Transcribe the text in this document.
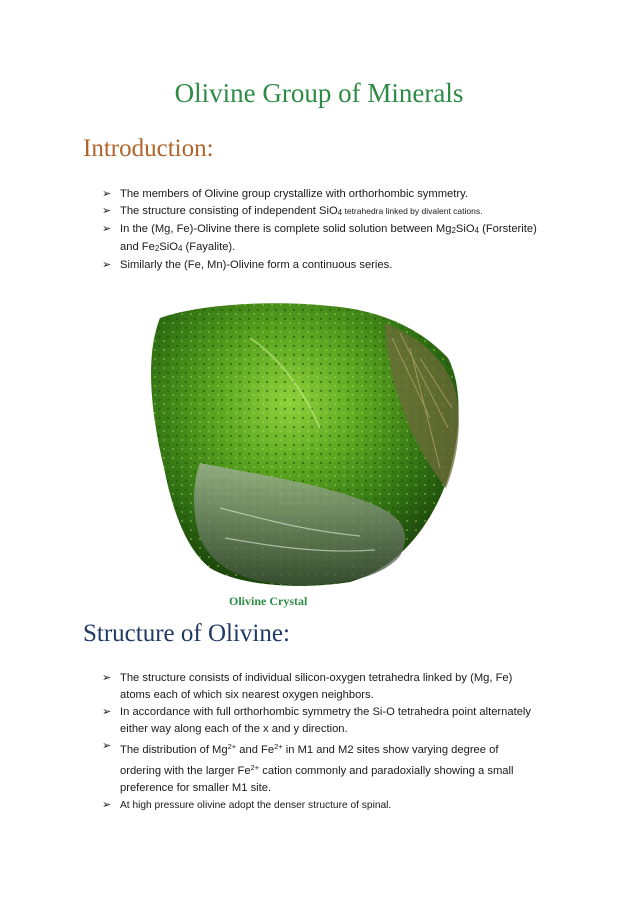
Olivine Group of Minerals
Introduction:
➢ The members of Olivine group crystallize with orthorhombic symmetry.
➢ The structure consisting of independent SiO4 tetrahedra linked by divalent cations.
➢ In the (Mg, Fe)-Olivine there is complete solid solution between Mg2SiO4 (Forsterite) and Fe2SiO4 (Fayalite).
➢ Similarly the (Fe, Mn)-Olivine form a continuous series.

Olivine Crystal

Structure of Olivine:
➢ The structure consists of individual silicon-oxygen tetrahedra linked by (Mg, Fe) atoms each of which six nearest oxygen neighbors.
➢ In accordance with full orthorhombic symmetry the Si-O tetrahedra point alternately either way along each of the x and y direction.
➢ The distribution of $Mg^{2+}$ and $Fe^{2+}$ in M1 and M2 sites show varying degree of ordering with the larger $Fe^{2+}$ cation commonly and paradoxially showing a small preference for smaller M1 site.
➢ At high pressure olivine adopt the denser structure of spinal.
